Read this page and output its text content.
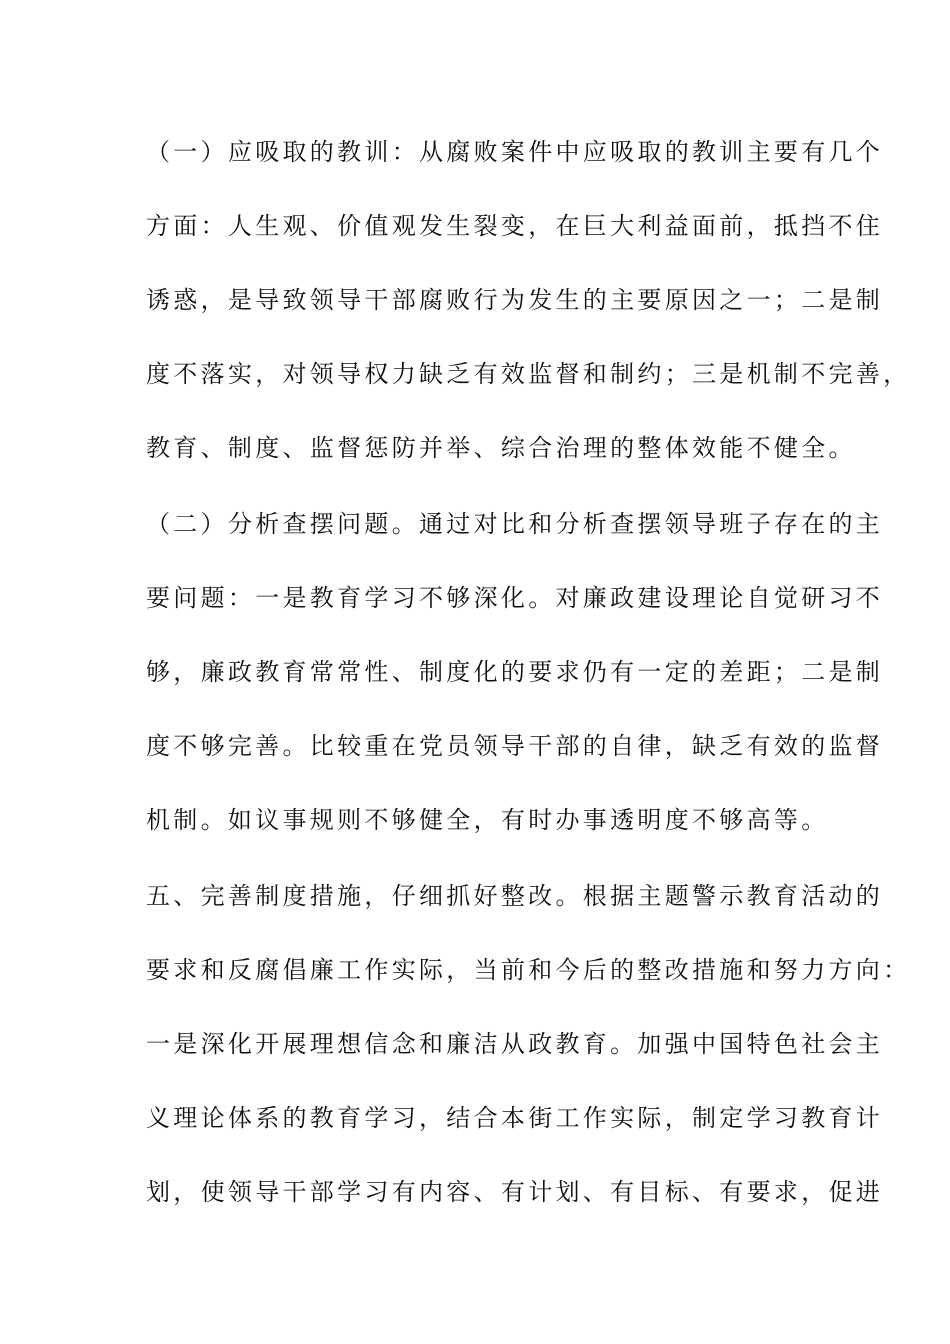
（一）应吸取的教训：从腐败案件中应吸取的教训主要有几个
方面：人生观、价值观发生裂变，在巨大利益面前，抵挡不住
诱惑，是导致领导干部腐败行为发生的主要原因之一；二是制
度不落实，对领导权力缺乏有效监督和制约；三是机制不完善，
教育、制度、监督惩防并举、综合治理的整体效能不健全。
（二）分析查摆问题。通过对比和分析查摆领导班子存在的主
要问题：一是教育学习不够深化。对廉政建设理论自觉研习不
够，廉政教育常常性、制度化的要求仍有一定的差距；二是制
度不够完善。比较重在党员领导干部的自律，缺乏有效的监督
机制。如议事规则不够健全，有时办事透明度不够高等。
五、完善制度措施，仔细抓好整改。根据主题警示教育活动的
要求和反腐倡廉工作实际，当前和今后的整改措施和努力方向：
一是深化开展理想信念和廉洁从政教育。加强中国特色社会主
义理论体系的教育学习，结合本街工作实际，制定学习教育计
划，使领导干部学习有内容、有计划、有目标、有要求，促进
